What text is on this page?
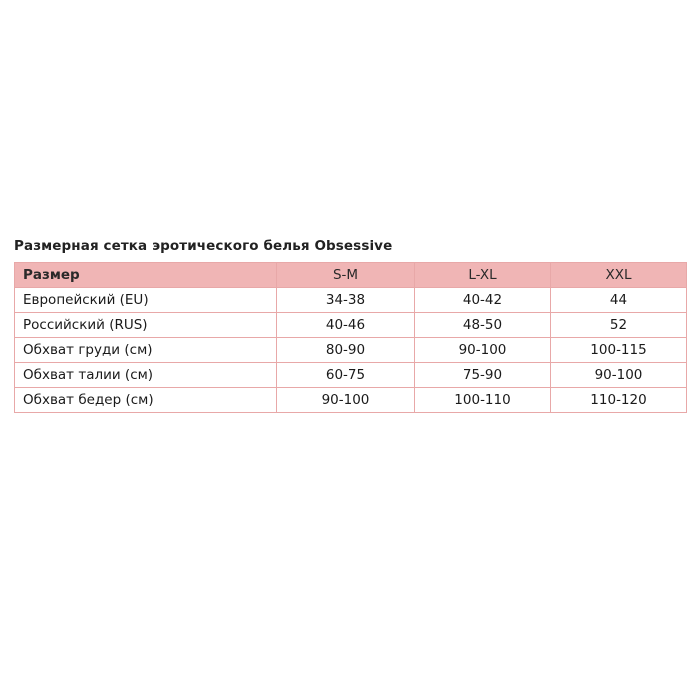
Размерная сетка эротического белья Obsessive
Размер	S-M	L-XL	XXL
Европейский (EU)	34-38	40-42	44
Российский (RUS)	40-46	48-50	52
Обхват груди (см)	80-90	90-100	100-115
Обхват талии (см)	60-75	75-90	90-100
Обхват бедер (см)	90-100	100-110	110-120
